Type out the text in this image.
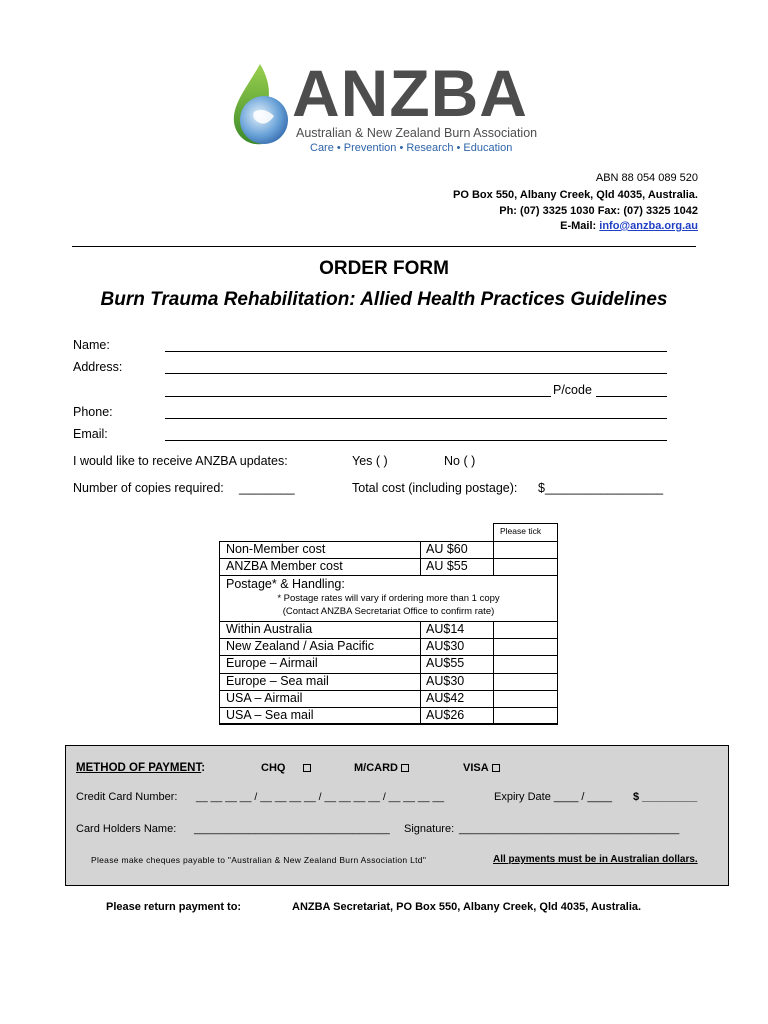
ANZBA
Australian & New Zealand Burn Association
Care • Prevention • Research • Education
ABN 88 054 089 520
PO Box 550, Albany Creek, Qld 4035, Australia.
Ph: (07) 3325 1030 Fax: (07) 3325 1042
E-Mail: info@anzba.org.au
ORDER FORM
Burn Trauma Rehabilitation: Allied Health Practices Guidelines
Name:
Address:
P/code
Phone:
Email:
I would like to receive ANZBA updates:	Yes ( )	No ( )
Number of copies required: ________	Total cost (including postage): $_________________
Please tick
Non-Member cost	AU $60
ANZBA Member cost	AU $55
Postage* & Handling:
* Postage rates will vary if ordering more than 1 copy
(Contact ANZBA Secretariat Office to confirm rate)
Within Australia	AU$14
New Zealand / Asia Pacific	AU$30
Europe – Airmail	AU$55
Europe – Sea mail	AU$30
USA – Airmail	AU$42
USA – Sea mail	AU$26
METHOD OF PAYMENT:	CHQ	M/CARD	VISA
Credit Card Number: __ __ __ __ / __ __ __ __ / __ __ __ __ / __ __ __ __	Expiry Date ____ / ____ $ _________
Card Holders Name: ________________________________ Signature: ____________________________________
Please make cheques payable to "Australian & New Zealand Burn Association Ltd"	All payments must be in Australian dollars.
Please return payment to:	ANZBA Secretariat, PO Box 550, Albany Creek, Qld 4035, Australia.
